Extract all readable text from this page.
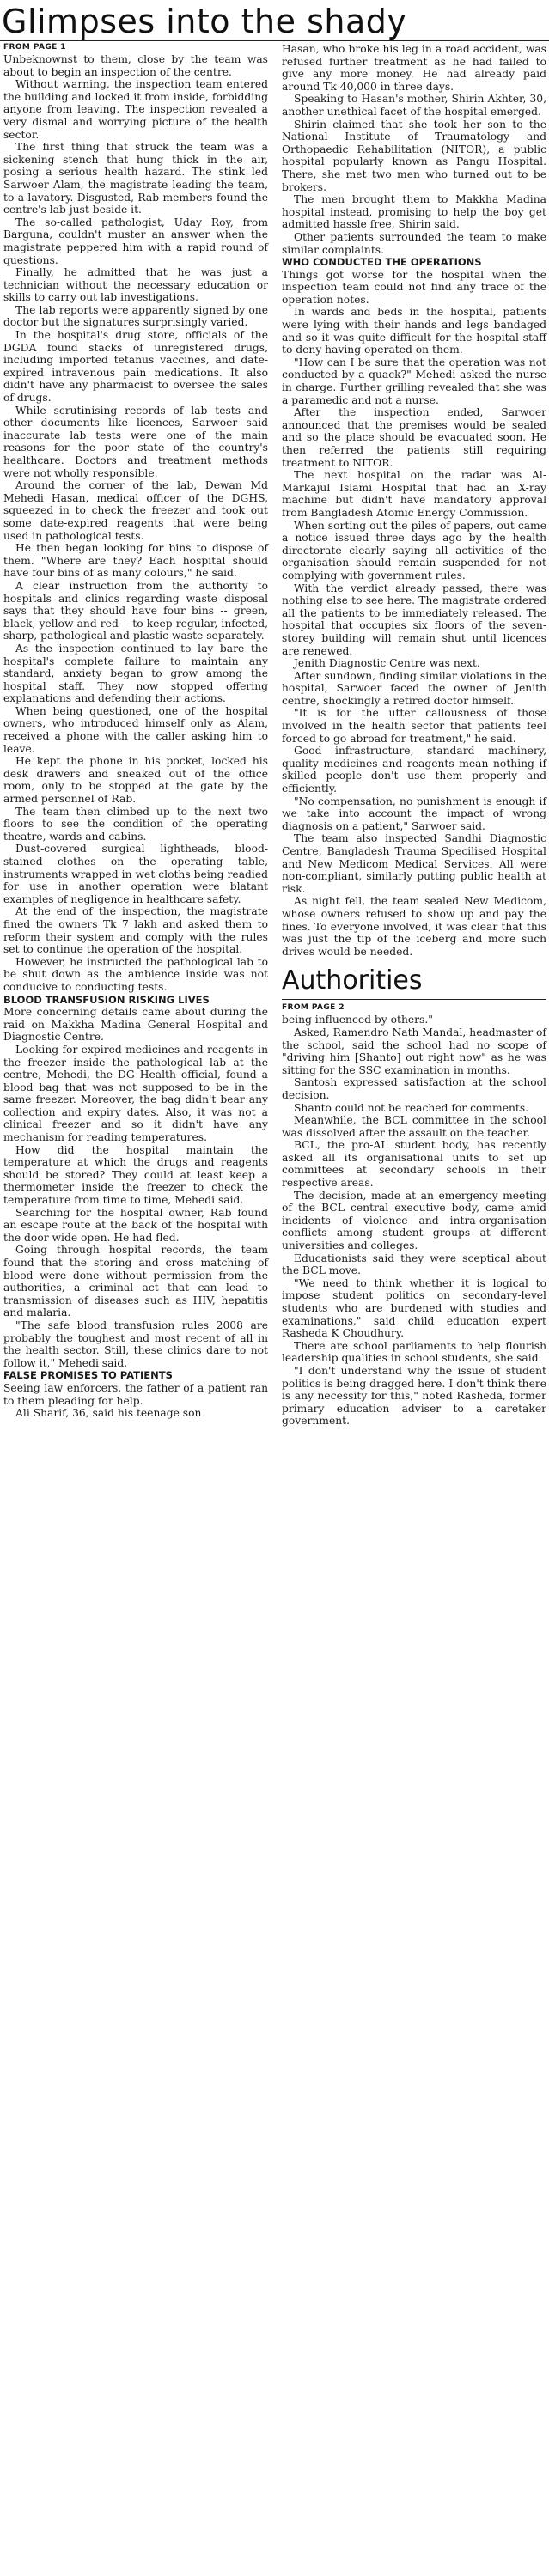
Glimpses into the shady
FROM PAGE 1

Unbeknownst to them, close by the team was about to begin an inspection of the centre.

Without warning, the inspection team entered the building and locked it from inside, forbidding anyone from leaving. The inspection revealed a very dismal and worrying picture of the health sector.

The first thing that struck the team was a sickening stench that hung thick in the air, posing a serious health hazard. The stink led Sarwoer Alam, the magistrate leading the team, to a lavatory. Disgusted, Rab members found the centre's lab just beside it.

The so-called pathologist, Uday Roy, from Barguna, couldn't muster an answer when the magistrate peppered him with a rapid round of questions.

Finally, he admitted that he was just a technician without the necessary education or skills to carry out lab investigations.

The lab reports were apparently signed by one doctor but the signatures surprisingly varied.

In the hospital's drug store, officials of the DGDA found stacks of unregistered drugs, including imported tetanus vaccines, and date-expired intravenous pain medications. It also didn't have any pharmacist to oversee the sales of drugs.

While scrutinising records of lab tests and other documents like licences, Sarwoer said inaccurate lab tests were one of the main reasons for the poor state of the country's healthcare. Doctors and treatment methods were not wholly responsible.

Around the corner of the lab, Dewan Md Mehedi Hasan, medical officer of the DGHS, squeezed in to check the freezer and took out some date-expired reagents that were being used in pathological tests.

He then began looking for bins to dispose of them. "Where are they? Each hospital should have four bins of as many colours," he said.

A clear instruction from the authority to hospitals and clinics regarding waste disposal says that they should have four bins -- green, black, yellow and red -- to keep regular, infected, sharp, pathological and plastic waste separately.

As the inspection continued to lay bare the hospital's complete failure to maintain any standard, anxiety began to grow among the hospital staff. They now stopped offering explanations and defending their actions.

When being questioned, one of the hospital owners, who introduced himself only as Alam, received a phone with the caller asking him to leave.

He kept the phone in his pocket, locked his desk drawers and sneaked out of the office room, only to be stopped at the gate by the armed personnel of Rab.

The team then climbed up to the next two floors to see the condition of the operating theatre, wards and cabins.

Dust-covered surgical lightheads, blood-stained clothes on the operating table, instruments wrapped in wet cloths being readied for use in another operation were blatant examples of negligence in healthcare safety.

At the end of the inspection, the magistrate fined the owners Tk 7 lakh and asked them to reform their system and comply with the rules set to continue the operation of the hospital.

However, he instructed the pathological lab to be shut down as the ambience inside was not conducive to conducting tests.

BLOOD TRANSFUSION RISKING LIVES

More concerning details came about during the raid on Makkha Madina General Hospital and Diagnostic Centre.

Looking for expired medicines and reagents in the freezer inside the pathological lab at the centre, Mehedi, the DG Health official, found a blood bag that was not supposed to be in the same freezer. Moreover, the bag didn't bear any collection and expiry dates. Also, it was not a clinical freezer and so it didn't have any mechanism for reading temperatures.

How did the hospital maintain the temperature at which the drugs and reagents should be stored? They could at least keep a thermometer inside the freezer to check the temperature from time to time, Mehedi said.

Searching for the hospital owner, Rab found an escape route at the back of the hospital with the door wide open. He had fled.

Going through hospital records, the team found that the storing and cross matching of blood were done without permission from the authorities, a criminal act that can lead to transmission of diseases such as HIV, hepatitis and malaria.

"The safe blood transfusion rules 2008 are probably the toughest and most recent of all in the health sector. Still, these clinics dare to not follow it," Mehedi said.

FALSE PROMISES TO PATIENTS

Seeing law enforcers, the father of a patient ran to them pleading for help.

Ali Sharif, 36, said his teenage son

Hasan, who broke his leg in a road accident, was refused further treatment as he had failed to give any more money. He had already paid around Tk 40,000 in three days.

Speaking to Hasan's mother, Shirin Akhter, 30, another unethical facet of the hospital emerged.

Shirin claimed that she took her son to the National Institute of Traumatology and Orthopaedic Rehabilitation (NITOR), a public hospital popularly known as Pangu Hospital. There, she met two men who turned out to be brokers.

The men brought them to Makkha Madina hospital instead, promising to help the boy get admitted hassle free, Shirin said.

Other patients surrounded the team to make similar complaints.

WHO CONDUCTED THE OPERATIONS

Things got worse for the hospital when the inspection team could not find any trace of the operation notes.

In wards and beds in the hospital, patients were lying with their hands and legs bandaged and so it was quite difficult for the hospital staff to deny having operated on them.

"How can I be sure that the operation was not conducted by a quack?" Mehedi asked the nurse in charge. Further grilling revealed that she was a paramedic and not a nurse.

After the inspection ended, Sarwoer announced that the premises would be sealed and so the place should be evacuated soon. He then referred the patients still requiring treatment to NITOR.

The next hospital on the radar was Al-Markajul Islami Hospital that had an X-ray machine but didn't have mandatory approval from Bangladesh Atomic Energy Commission.

When sorting out the piles of papers, out came a notice issued three days ago by the health directorate clearly saying all activities of the organisation should remain suspended for not complying with government rules.

With the verdict already passed, there was nothing else to see here. The magistrate ordered all the patients to be immediately released. The hospital that occupies six floors of the seven-storey building will remain shut until licences are renewed.

Jenith Diagnostic Centre was next.

After sundown, finding similar violations in the hospital, Sarwoer faced the owner of Jenith centre, shockingly a retired doctor himself.

"It is for the utter callousness of those involved in the health sector that patients feel forced to go abroad for treatment," he said.

Good infrastructure, standard machinery, quality medicines and reagents mean nothing if skilled people don't use them properly and efficiently.

"No compensation, no punishment is enough if we take into account the impact of wrong diagnosis on a patient," Sarwoer said.

The team also inspected Sandhi Diagnostic Centre, Bangladesh Trauma Specilised Hospital and New Medicom Medical Services. All were non-compliant, similarly putting public health at risk.

As night fell, the team sealed New Medicom, whose owners refused to show up and pay the fines. To everyone involved, it was clear that this was just the tip of the iceberg and more such drives would be needed.

Authorities
FROM PAGE 2

being influenced by others."

Asked, Ramendro Nath Mandal, headmaster of the school, said the school had no scope of "driving him [Shanto] out right now" as he was sitting for the SSC examination in months.

Santosh expressed satisfaction at the school decision.

Shanto could not be reached for comments.

Meanwhile, the BCL committee in the school was dissolved after the assault on the teacher.

BCL, the pro-AL student body, has recently asked all its organisational units to set up committees at secondary schools in their respective areas.

The decision, made at an emergency meeting of the BCL central executive body, came amid incidents of violence and intra-organisation conflicts among student groups at different universities and colleges.

Educationists said they were sceptical about the BCL move.

"We need to think whether it is logical to impose student politics on secondary-level students who are burdened with studies and examinations," said child education expert Rasheda K Choudhury.

There are school parliaments to help flourish leadership qualities in school students, she said.

"I don't understand why the issue of student politics is being dragged here. I don't think there is any necessity for this," noted Rasheda, former primary education adviser to a caretaker government.
